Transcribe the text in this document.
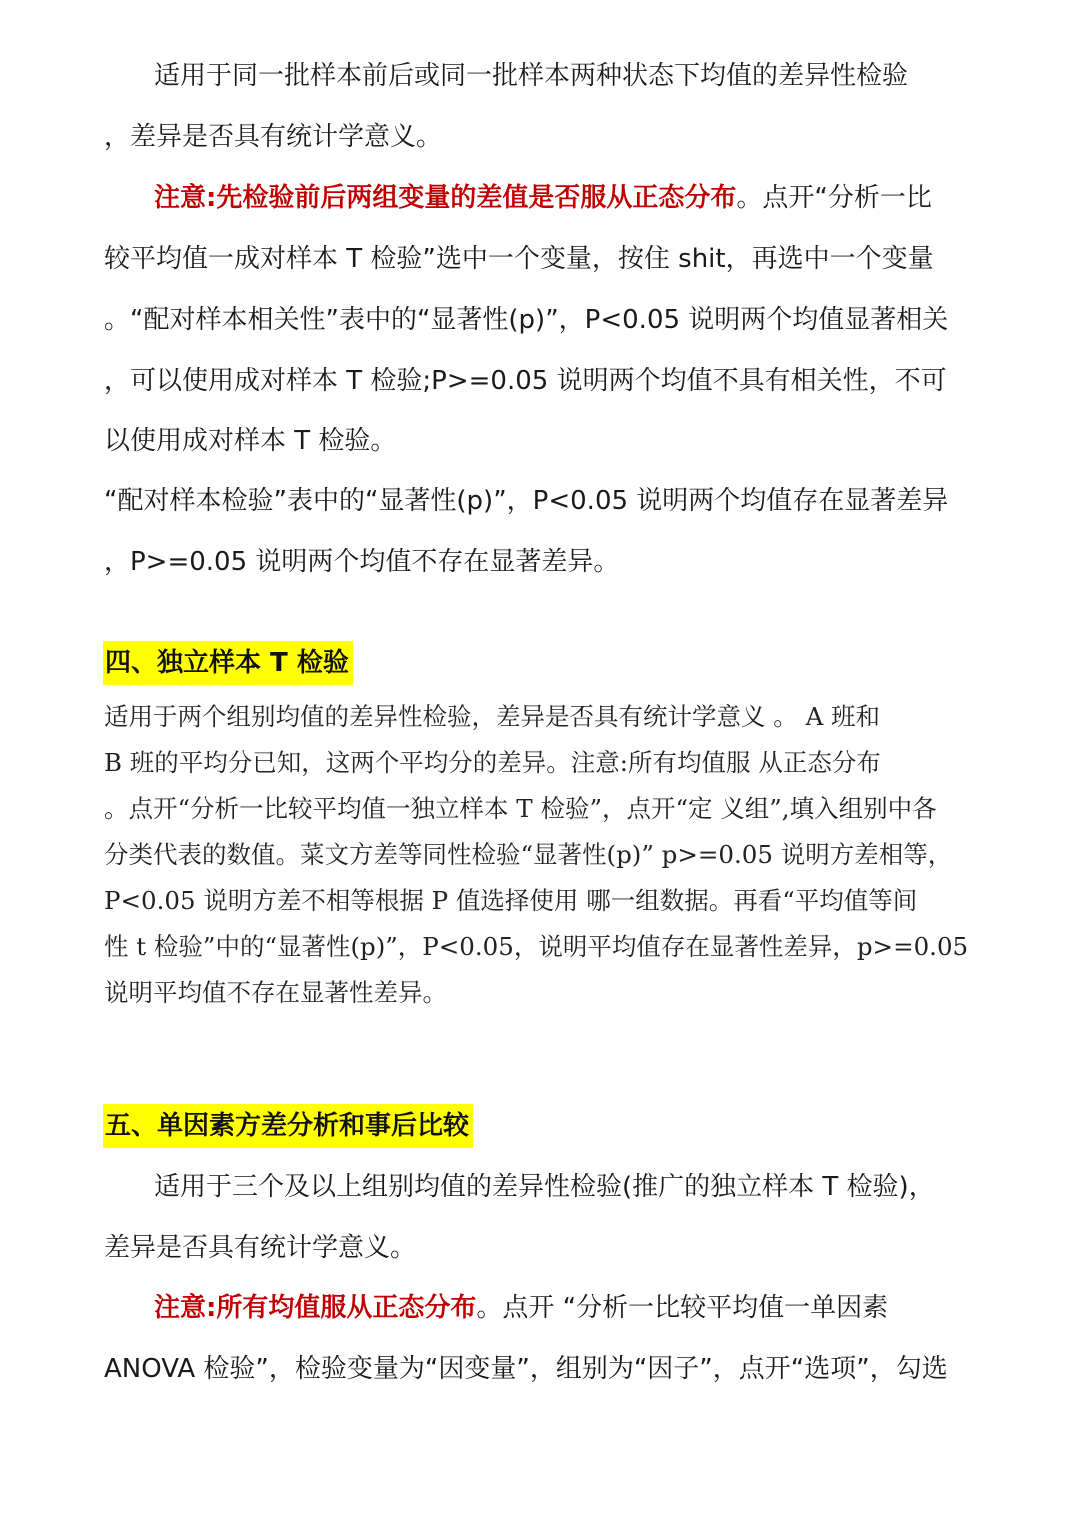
适用于同一批样本前后或同一批样本两种状态下均值的差异性检验
，差异是否具有统计学意义。
注意:先检验前后两组变量的差值是否服从正态分布。点开“分析一比
较平均值一成对样本 T 检验”选中一个变量，按住 shit，再选中一个变量
。“配对样本相关性”表中的“显著性(p)”，P<0.05 说明两个均值显著相关
，可以使用成对样本 T 检验;P>=0.05 说明两个均值不具有相关性，不可
以使用成对样本 T 检验。
“配对样本检验”表中的“显著性(p)”，P<0.05 说明两个均值存在显著差异
，P>=0.05 说明两个均值不存在显著差异。
四、独立样本 T 检验
适用于两个组别均值的差异性检验，差异是否具有统计学意义 。 A 班和
B 班的平均分已知，这两个平均分的差异。注意:所有均值服 从正态分布
。点开“分析一比较平均值一独立样本 T 检验”，点开“定 义组”,填入组别中各
分类代表的数值。菜文方差等同性检验“显著性(p)” p>=0.05 说明方差相等，
P<0.05 说明方差不相等根据 P 值选择使用 哪一组数据。再看“平均值等间
性 t 检验”中的“显著性(p)”，P<0.05，说明平均值存在显著性差异，p>=0.05
说明平均值不存在显著性差异。
五、单因素方差分析和事后比较
适用于三个及以上组别均值的差异性检验(推广的独立样本 T 检验)，
差异是否具有统计学意义。
注意:所有均值服从正态分布。点开 “分析一比较平均值一单因素
ANOVA 检验”，检验变量为“因变量”，组别为“因子”，点开“选项”，勾选
